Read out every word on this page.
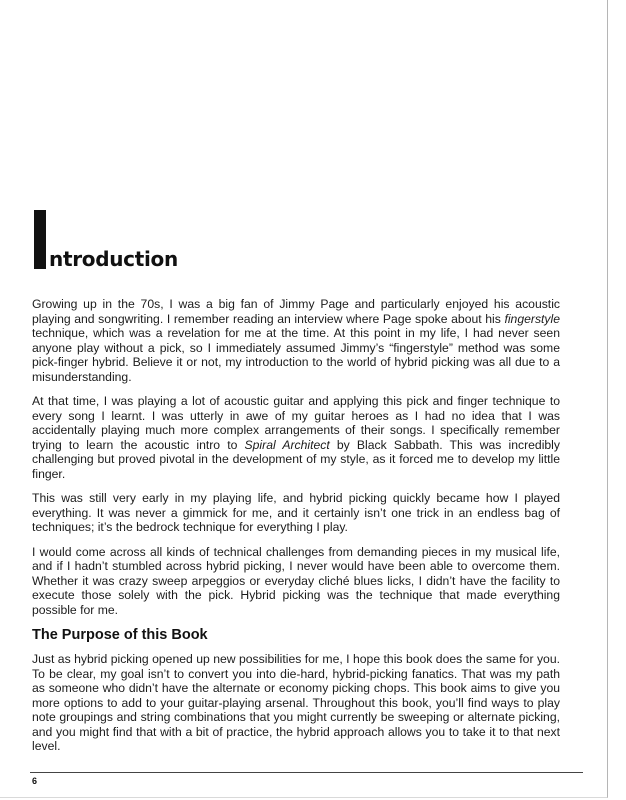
ntroduction

Growing up in the 70s, I was a big fan of Jimmy Page and particularly enjoyed his acoustic playing and songwriting. I remember reading an interview where Page spoke about his fingerstyle technique, which was a revelation for me at the time. At this point in my life, I had never seen anyone play without a pick, so I immediately assumed Jimmy’s “fingerstyle” method was some pick-finger hybrid. Believe it or not, my introduction to the world of hybrid picking was all due to a misunderstanding.

At that time, I was playing a lot of acoustic guitar and applying this pick and finger technique to every song I learnt. I was utterly in awe of my guitar heroes as I had no idea that I was accidentally playing much more complex arrangements of their songs. I specifically remember trying to learn the acoustic intro to Spiral Architect by Black Sabbath. This was incredibly challenging but proved pivotal in the development of my style, as it forced me to develop my little finger.

This was still very early in my playing life, and hybrid picking quickly became how I played everything. It was never a gimmick for me, and it certainly isn’t one trick in an endless bag of techniques; it’s the bedrock technique for everything I play.

I would come across all kinds of technical challenges from demanding pieces in my musical life, and if I hadn’t stumbled across hybrid picking, I never would have been able to overcome them. Whether it was crazy sweep arpeggios or everyday cliché blues licks, I didn’t have the facility to execute those solely with the pick. Hybrid picking was the technique that made everything possible for me.

The Purpose of this Book

Just as hybrid picking opened up new possibilities for me, I hope this book does the same for you. To be clear, my goal isn’t to convert you into die-hard, hybrid-picking fanatics. That was my path as someone who didn’t have the alternate or economy picking chops. This book aims to give you more options to add to your guitar-playing arsenal. Throughout this book, you’ll find ways to play note groupings and string combinations that you might currently be sweeping or alternate picking, and you might find that with a bit of practice, the hybrid approach allows you to take it to that next level.

6
